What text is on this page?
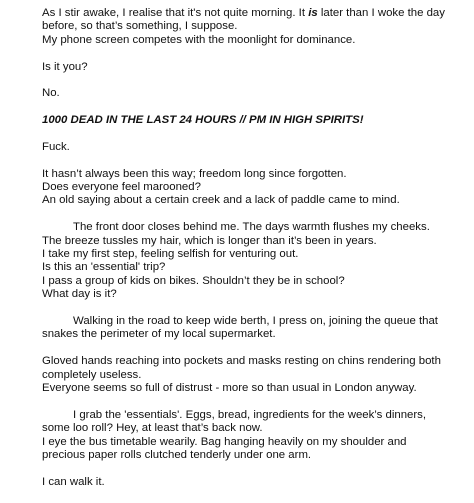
As I stir awake, I realise that it's not quite morning. It is later than I woke the day
before, so that’s something, I suppose.
My phone screen competes with the moonlight for dominance.
Is it you?
No.
1000 DEAD IN THE LAST 24 HOURS // PM IN HIGH SPIRITS!
Fuck.
It hasn’t always been this way; freedom long since forgotten.
Does everyone feel marooned?
An old saying about a certain creek and a lack of paddle came to mind.
The front door closes behind me. The days warmth flushes my cheeks.
The breeze tussles my hair, which is longer than it’s been in years.
I take my first step, feeling selfish for venturing out.
Is this an 'essential' trip?
I pass a group of kids on bikes. Shouldn’t they be in school?
What day is it?
Walking in the road to keep wide berth, I press on, joining the queue that
snakes the perimeter of my local supermarket.
Gloved hands reaching into pockets and masks resting on chins rendering both
completely useless.
Everyone seems so full of distrust - more so than usual in London anyway.
I grab the 'essentials'. Eggs, bread, ingredients for the week’s dinners,
some loo roll? Hey, at least that’s back now.
I eye the bus timetable wearily. Bag hanging heavily on my shoulder and
precious paper rolls clutched tenderly under one arm.
I can walk it.
